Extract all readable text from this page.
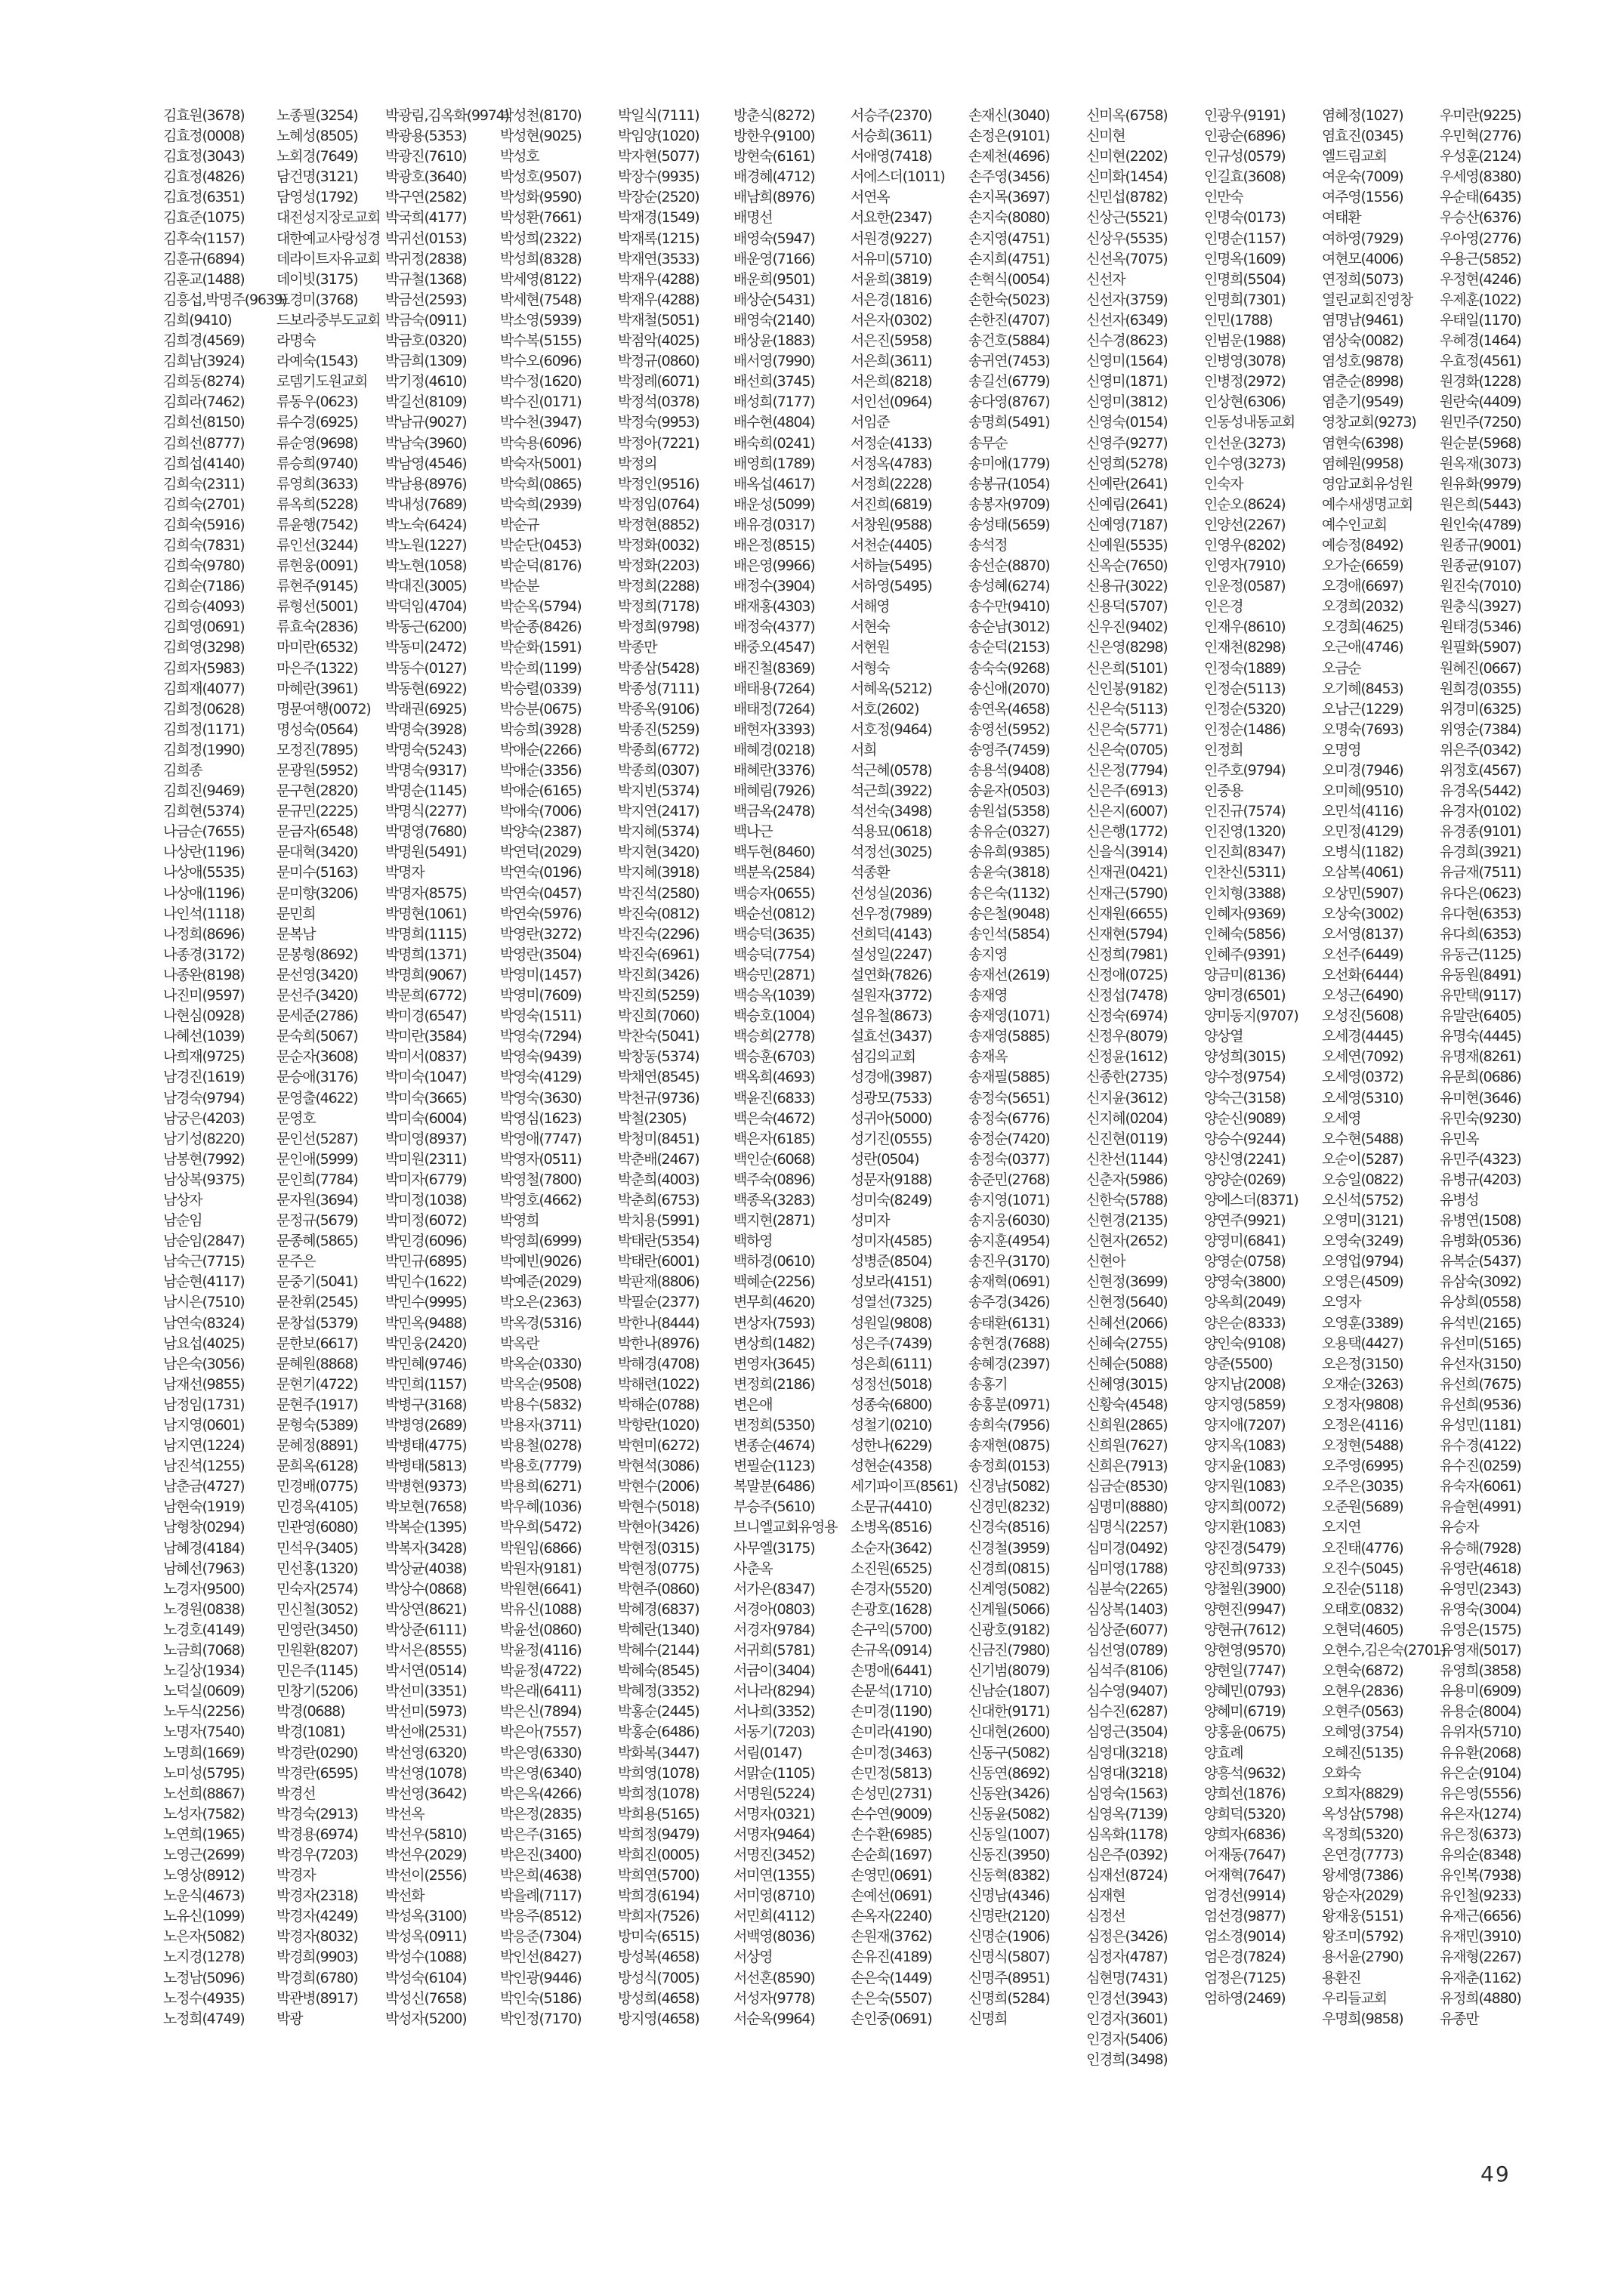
김효원(3678)
김효정(0008)
김효정(3043)
김효정(4826)
김효정(6351)
김효준(1075)
김후숙(1157)
김훈규(6894)
김훈교(1488)
김흥섭,박명주(9639)
김희(9410)
김희경(4569)
김희남(3924)
김희동(8274)
김희라(7462)
김희선(8150)
김희선(8777)
김희섭(4140)
김희숙(2311)
김희숙(2701)
김희숙(5916)
김희숙(7831)
김희숙(9780)
김희순(7186)
김희승(4093)
김희영(0691)
김희영(3298)
김희자(5983)
김희재(4077)
김희정(0628)
김희정(1171)
김희정(1990)
김희종
김희진(9469)
김희현(5374)
나금순(7655)
나상란(1196)
나상애(5535)
나상애(1196)
나인석(1118)
나정희(8696)
나종경(3172)
나종완(8198)
나진미(9597)
나현심(0928)
나혜선(1039)
나희재(9725)
남경진(1619)
남경숙(9794)
남궁은(4203)
남기성(8220)
남봉현(7992)
남상복(9375)
남상자
남순임
남순임(2847)
남숙근(7715)
남순현(4117)
남시은(7510)
남연숙(8324)
남요섭(4025)
남은숙(3056)
남재선(9855)
남정임(1731)
남지영(0601)
남지연(1224)
남진석(1255)
남춘금(4727)
남현숙(1919)
남형창(0294)
남혜경(4184)
남혜선(7963)
노경자(9500)
노경원(0838)
노경호(4149)
노금희(7068)
노길상(1934)
노덕실(0609)
노두식(2256)
노명자(7540)
노명희(1669)
노미성(5795)
노선희(8867)
노성자(7582)
노연희(1965)
노영근(2699)
노영상(8912)
노운식(4673)
노유신(1099)
노은자(5082)
노지경(1278)
노정남(5096)
노정수(4935)
노정희(4749)
노종필(3254)
노혜성(8505)
노회경(7649)
담건명(3121)
담영성(1792)
대전성지장로교회
대한예교사랑성경
데라이트자유교회
데이빗(3175)
도경미(3768)
드보라중부도교회
라명숙
라예숙(1543)
로뎀기도원교회
류동우(0623)
류수경(6925)
류순영(9698)
류승희(9740)
류영희(3633)
류옥희(5228)
류윤행(7542)
류인선(3244)
류현웅(0091)
류현주(9145)
류형선(5001)
류효숙(2836)
마미란(6532)
마은주(1322)
마혜란(3961)
명문여행(0072)
명성숙(0564)
모정진(7895)
문광원(5952)
문구현(2820)
문규민(2225)
문금자(6548)
문대혁(3420)
문미수(5163)
문미향(3206)
문민희
문복남
문봉형(8692)
문선영(3420)
문선주(3420)
문세준(2786)
문숙희(5067)
문순자(3608)
문승애(3176)
문영출(4622)
문영호
문인선(5287)
문인애(5999)
문인희(7784)
문자원(3694)
문정규(5679)
문종혜(5865)
문주은
문중기(5041)
문찬휘(2545)
문창섭(5379)
문한보(6617)
문혜원(8868)
문현기(4722)
문현주(1917)
문형숙(5389)
문혜정(8891)
문희옥(6128)
민경배(0775)
민경옥(4105)
민관영(6080)
민석우(3405)
민선홍(1320)
민숙자(2574)
민신철(3052)
민영란(3450)
민원환(8207)
민은주(1145)
민창기(5206)
박경(0688)
박경(1081)
박경란(0290)
박경란(6595)
박경선
박경숙(2913)
박경용(6974)
박경우(7203)
박경자
박경자(2318)
박경자(4249)
박경자(8032)
박경희(9903)
박경희(6780)
박관병(8917)
박광
박광림,김옥화(9974)
박광용(5353)
박광진(7610)
박광호(3640)
박구연(2582)
박국희(4177)
박귀선(0153)
박귀정(2838)
박규철(1368)
박금선(2593)
박금숙(0911)
박금호(0320)
박금희(1309)
박기정(4610)
박길선(8109)
박남규(9027)
박남숙(3960)
박남영(4546)
박남용(8976)
박내성(7689)
박노숙(6424)
박노원(1227)
박노현(1058)
박대진(3005)
박덕임(4704)
박동근(6200)
박동미(2472)
박동수(0127)
박동현(6922)
박래권(6925)
박명숙(3928)
박명숙(5243)
박명숙(9317)
박명순(1145)
박명식(2277)
박명영(7680)
박명원(5491)
박명자
박명자(8575)
박명현(1061)
박명희(1115)
박명희(1371)
박명희(9067)
박문희(6772)
박미경(6547)
박미란(3584)
박미서(0837)
박미숙(1047)
박미숙(3665)
박미숙(6004)
박미영(8937)
박미원(2311)
박미자(6779)
박미정(1038)
박미정(6072)
박민경(6096)
박민규(6895)
박민수(1622)
박민수(9995)
박민옥(9488)
박민웅(2420)
박민혜(9746)
박민희(1157)
박병구(3168)
박병영(2689)
박병태(4775)
박병태(5813)
박병현(9373)
박보현(7658)
박복순(1395)
박복자(3428)
박상균(4038)
박상수(0868)
박상연(8621)
박상준(6111)
박서은(8555)
박서연(0514)
박선미(3351)
박선미(5973)
박선애(2531)
박선영(6320)
박선영(1078)
박선영(3642)
박선옥
박선우(5810)
박선우(2029)
박선이(2556)
박선화
박성옥(3100)
박성옥(0911)
박성수(1088)
박성숙(6104)
박성신(7658)
박성자(5200)
박성천(8170)
박성현(9025)
박성호
박성호(9507)
박성화(9590)
박성환(7661)
박성희(2322)
박성희(8328)
박세영(8122)
박세현(7548)
박소영(5939)
박수복(5155)
박수오(6096)
박수정(1620)
박수진(0171)
박수천(3947)
박숙용(6096)
박숙자(5001)
박숙희(0865)
박숙희(2939)
박순규
박순단(0453)
박순덕(8176)
박순분
박순옥(5794)
박순종(8426)
박순화(1591)
박순희(1199)
박승렬(0339)
박승분(0675)
박승희(3928)
박애순(2266)
박애순(3356)
박애순(6165)
박애숙(7006)
박양숙(2387)
박연덕(2029)
박연숙(0196)
박연숙(0457)
박연숙(5976)
박영란(3272)
박영란(3504)
박영미(1457)
박영미(7609)
박영숙(1511)
박영숙(7294)
박영숙(9439)
박영숙(4129)
박영숙(3630)
박영심(1623)
박영애(7747)
박영자(0511)
박영철(7800)
박영호(4662)
박영희
박영희(6999)
박예빈(9026)
박예준(2029)
박오은(2363)
박옥경(5316)
박옥란
박옥순(0330)
박옥순(9508)
박용수(5832)
박용자(3711)
박용철(0278)
박용호(7779)
박용희(6271)
박우혜(1036)
박우희(5472)
박원임(6866)
박원자(9181)
박원현(6641)
박유신(1088)
박윤선(0860)
박윤정(4116)
박윤정(4722)
박은래(6411)
박은신(7894)
박은아(7557)
박은영(6330)
박은영(6340)
박은옥(4266)
박은정(2835)
박은주(3165)
박은진(3400)
박은희(4638)
박을례(7117)
박응주(8512)
박응준(7304)
박인선(8427)
박인광(9446)
박인숙(5186)
박인정(7170)
박일식(7111)
박임양(1020)
박자현(5077)
박장수(9935)
박장순(2520)
박재경(1549)
박재록(1215)
박재연(3533)
박재우(4288)
박재우(4288)
박재철(5051)
박점악(4025)
박정규(0860)
박정례(6071)
박정석(0378)
박정숙(9953)
박정아(7221)
박정의
박정인(9516)
박정임(0764)
박정현(8852)
박정화(0032)
박정화(2203)
박정희(2288)
박정희(7178)
박정희(9798)
박종만
박종삼(5428)
박종성(7111)
박종옥(9106)
박종진(5259)
박종희(6772)
박종희(0307)
박지빈(5374)
박지연(2417)
박지혜(5374)
박지현(3420)
박지혜(3918)
박진석(2580)
박진숙(0812)
박진숙(2296)
박진숙(6961)
박진희(3426)
박진희(5259)
박진희(7060)
박찬숙(5041)
박창동(5374)
박채연(8545)
박천규(9736)
박철(2305)
박청미(8451)
박춘배(2467)
박춘희(4003)
박춘희(6753)
박치용(5991)
박태란(5354)
박태란(6001)
박판재(8806)
박필순(2377)
박한나(8444)
박한나(8976)
박해경(4708)
박해련(1022)
박해순(0788)
박향란(1020)
박현미(6272)
박현석(3086)
박현수(2006)
박현수(5018)
박현아(3426)
박현정(0315)
박현정(0775)
박현주(0860)
박혜경(6837)
박혜란(1340)
박혜수(2144)
박혜숙(8545)
박혜정(3352)
박홍순(2445)
박홍순(6486)
박화복(3447)
박희영(1078)
박희정(1078)
박희용(5165)
박희정(9479)
박희진(0005)
박희연(5700)
박희경(6194)
박희자(7526)
방미숙(6515)
방성복(4658)
방성식(7005)
방성희(4658)
방지영(4658)
방춘식(8272)
방한우(9100)
방현숙(6161)
배경혜(4712)
배남희(8976)
배명선
배영숙(5947)
배운영(7166)
배운희(9501)
배상순(5431)
배영숙(2140)
배상윤(1883)
배서영(7990)
배선희(3745)
배성희(7177)
배수현(4804)
배숙희(0241)
배영희(1789)
배옥섭(4617)
배운성(5099)
배유경(0317)
배은정(8515)
배은영(9966)
배정수(3904)
배재홍(4303)
배정숙(4377)
배중오(4547)
배진철(8369)
배태용(7264)
배태정(7264)
배현자(3393)
배혜경(0218)
배혜란(3376)
배혜림(7926)
백금옥(2478)
백나근
백두현(8460)
백분옥(2584)
백승자(0655)
백순선(0812)
백승덕(3635)
백승덕(7754)
백승민(2871)
백승옥(1039)
백승호(1004)
백승희(2778)
백승훈(6703)
백옥희(4693)
백윤진(6833)
백은숙(4672)
백은자(6185)
백인순(6068)
백주숙(0896)
백종옥(3283)
백지현(2871)
백하영
백하경(0610)
백혜순(2256)
변무희(4620)
변상자(7593)
변상희(1482)
변영자(3645)
변정희(2186)
변은애
변정희(5350)
변종순(4674)
변필순(1123)
복말분(6486)
부승주(5610)
브니엘교회유영용
사무엘(3175)
사춘옥
서가은(8347)
서경아(0803)
서경자(9784)
서귀희(5781)
서금이(3404)
서나라(8294)
서나희(3352)
서동기(7203)
서림(0147)
서맑순(1105)
서명원(5224)
서명자(0321)
서명자(9464)
서명진(3452)
서미연(1355)
서미영(8710)
서민희(4112)
서백영(8036)
서상영
서선혼(8590)
서성자(9778)
서순옥(9964)
서승주(2370)
서승희(3611)
서애영(7418)
서에스더(1011)
서연옥
서요한(2347)
서원경(9227)
서유미(5710)
서윤희(3819)
서은경(1816)
서은자(0302)
서은진(5958)
서은희(3611)
서은희(8218)
서인선(0964)
서임준
서정순(4133)
서정옥(4783)
서정희(2228)
서진희(6819)
서창원(9588)
서천순(4405)
서하늘(5495)
서하영(5495)
서해영
서현숙
서현원
서형숙
서혜옥(5212)
서호(2602)
서호정(9464)
서희
석근혜(0578)
석근희(3922)
석선숙(3498)
석용묘(0618)
석정선(3025)
석종환
선성실(2036)
선우정(7989)
선희덕(4143)
설성일(2247)
설연화(7826)
설원자(3772)
설유철(8673)
설효선(3437)
섬김의교회
성경애(3987)
성광모(7533)
성귀아(5000)
성기진(0555)
성란(0504)
성문자(9188)
성미숙(8249)
성미자
성미자(4585)
성병준(8504)
성보라(4151)
성열선(7325)
성원일(9808)
성은주(7439)
성은희(6111)
성정선(5018)
성종숙(6800)
성철기(0210)
성한나(6229)
성현순(4358)
세기파이프(8561)
소문규(4410)
소병옥(8516)
소순자(3642)
소진원(6525)
손경자(5520)
손광호(1628)
손구익(5700)
손규옥(0914)
손명애(6441)
손문석(1710)
손미경(1190)
손미라(4190)
손미정(3463)
손민정(5813)
손성민(2731)
손수연(9009)
손수환(6985)
손순희(1697)
손영민(0691)
손예선(0691)
손옥자(2240)
손원재(3762)
손유진(4189)
손은숙(1449)
손은숙(5507)
손인중(0691)
손재신(3040)
손정은(9101)
손제천(4696)
손주영(3456)
손지목(3697)
손지숙(8080)
손지영(4751)
손지희(4751)
손혁식(0054)
손한숙(5023)
손한진(4707)
송건호(5884)
송귀연(7453)
송길선(6779)
송다영(8767)
송명희(5491)
송무순
송미애(1779)
송봉규(1054)
송봉자(9709)
송성태(5659)
송석정
송선순(8870)
송성혜(6274)
송수만(9410)
송순남(3012)
송순덕(2153)
송숙숙(9268)
송신애(2070)
송연옥(4658)
송영선(5952)
송영주(7459)
송용석(9408)
송윤자(0503)
송원섭(5358)
송유순(0327)
송유희(9385)
송윤숙(3818)
송은숙(1132)
송은철(9048)
송인석(5854)
송지영
송재선(2619)
송재영
송재영(1071)
송재영(5885)
송재옥
송재필(5885)
송정숙(5651)
송정숙(6776)
송정순(7420)
송정숙(0377)
송준민(2768)
송지영(1071)
송지웅(6030)
송지훈(4954)
송진우(3170)
송재혁(0691)
송주경(3426)
송태환(6131)
송현경(7688)
송혜경(2397)
송홍기
송홍분(0971)
송희숙(7956)
송재현(0875)
송정희(0153)
신경남(5082)
신경민(8232)
신경숙(8516)
신경철(3959)
신경희(0815)
신계영(5082)
신계월(5066)
신광호(9182)
신금진(7980)
신기범(8079)
신남순(1807)
신대한(9171)
신대현(2600)
신동구(5082)
신동연(8692)
신동완(3426)
신동윤(5082)
신동일(1007)
신동진(3950)
신동혁(8382)
신명남(4346)
신명란(2120)
신명순(1906)
신명식(5807)
신명주(8951)
신명희(5284)
신명희
신미옥(6758)
신미현
신미현(2202)
신미화(1454)
신민섭(8782)
신상근(5521)
신상우(5535)
신선옥(7075)
신선자
신선자(3759)
신선자(6349)
신수경(8623)
신영미(1564)
신영미(1871)
신영미(3812)
신영숙(0154)
신영주(9277)
신영희(5278)
신예란(2641)
신예림(2641)
신예영(7187)
신예원(5535)
신옥순(7650)
신용규(3022)
신용덕(5707)
신우진(9402)
신은영(8298)
신은희(5101)
신인봉(9182)
신은숙(5113)
신은숙(5771)
신은숙(0705)
신은정(7794)
신은주(6913)
신은지(6007)
신은행(1772)
신을식(3914)
신재권(0421)
신재근(5790)
신재원(6655)
신재현(5794)
신정희(7981)
신정애(0725)
신정섭(7478)
신정숙(6974)
신정우(8079)
신정윤(1612)
신종한(2735)
신지윤(3612)
신지혜(0204)
신진현(0119)
신찬선(1144)
신춘자(5986)
신한숙(5788)
신현경(2135)
신현자(2652)
신현아
신현정(3699)
신현정(5640)
신혜선(2066)
신혜숙(2755)
신혜순(5088)
신혜영(3015)
신황숙(4548)
신희원(2865)
신희원(7627)
신희은(7913)
심금순(8530)
심명미(8880)
심명식(2257)
심미경(0492)
심미영(1788)
심분숙(2265)
심상복(1403)
심상준(6077)
심선영(0789)
심석주(8106)
심수영(9407)
심수진(6287)
심영근(3504)
심영대(3218)
심영대(3218)
심영숙(1563)
심영옥(7139)
심옥화(1178)
심은주(0392)
심재선(8724)
심재현
심정선
심정은(3426)
심정자(4787)
심현명(7431)
인경선(3943)
인경자(3601)
인경자(5406)
인경희(3498)
인광우(9191)
인광순(6896)
인규성(0579)
인길효(3608)
인만숙
인명숙(0173)
인명순(1157)
인명옥(1609)
인명희(5504)
인명희(7301)
인민(1788)
인범운(1988)
인병영(3078)
인병정(2972)
인상현(6306)
인동성내동교회
인선운(3273)
인수영(3273)
인숙자
인순오(8624)
인양선(2267)
인영우(8202)
인영자(7910)
인운정(0587)
인은경
인재우(8610)
인재천(8298)
인정숙(1889)
인정순(5113)
인정순(5320)
인정순(1486)
인정희
인주호(9794)
인중용
인진규(7574)
인진영(1320)
인진희(8347)
인찬신(5311)
인치형(3388)
인혜자(9369)
인혜숙(5856)
인혜주(9391)
양금미(8136)
양미경(6501)
양미동지(9707)
양상열
양성희(3015)
양수정(9754)
양숙근(3158)
양순신(9089)
양승수(9244)
양신영(2241)
양양순(0269)
양에스더(8371)
양연주(9921)
양영미(6841)
양영순(0758)
양영숙(3800)
양옥희(2049)
양은순(8333)
양인숙(9108)
양준(5500)
양지남(2008)
양지영(5859)
양지애(7207)
양지옥(1083)
양지윤(1083)
양지원(1083)
양지희(0072)
양지환(1083)
양진경(5479)
양진희(9733)
양철원(3900)
양현진(9947)
양현규(7612)
양현영(9570)
양현일(7747)
양혜민(0793)
양혜미(6719)
양홍윤(0675)
양효례
양흥석(9632)
양희선(1876)
양희덕(5320)
양희자(6836)
어재동(7647)
어재혁(7647)
엄경선(9914)
엄선경(9877)
엄소경(9014)
엄은경(7824)
엄정은(7125)
엄하영(2469)
염혜정(1027)
염효진(0345)
엘드림교회
여운숙(7009)
여주영(1556)
여태환
여하영(7929)
여현모(4006)
연정희(5073)
열린교회진영창
염명남(9461)
염상숙(0082)
염성호(9878)
염춘순(8998)
염춘기(9549)
영창교회(9273)
염현숙(6398)
염혜원(9958)
영암교회유성원
예수새생명교회
예수인교회
예승정(8492)
오가순(6659)
오경애(6697)
오경희(2032)
오경희(4625)
오근애(4746)
오금순
오기혜(8453)
오남근(1229)
오명숙(7693)
오명영
오미경(7946)
오미혜(9510)
오민석(4116)
오민정(4129)
오병식(1182)
오삼복(4061)
오상민(5907)
오상숙(3002)
오서영(8137)
오선주(6449)
오선화(6444)
오성근(6490)
오성진(5608)
오세경(4445)
오세연(7092)
오세영(0372)
오세영(5310)
오세영
오수현(5488)
오순이(5287)
오승일(0822)
오신석(5752)
오영미(3121)
오영숙(3249)
오영업(9794)
오영은(4509)
오영자
오영훈(3389)
오용택(4427)
오은정(3150)
오재순(3263)
오정자(9808)
오정은(4116)
오정현(5488)
오주영(6995)
오주은(3035)
오준원(5689)
오지연
오진태(4776)
오진수(5045)
오진순(5118)
오태호(0832)
오현덕(4605)
오현수,김은숙(2701)
오현숙(6872)
오현우(2836)
오현주(0563)
오혜영(3754)
오혜진(5135)
오화숙
오희자(8829)
옥성삼(5798)
옥정희(5320)
온연경(7773)
왕세영(7386)
왕순자(2029)
왕재웅(5151)
왕조미(5792)
용서윤(2790)
용환진
우리들교회
우명희(9858)
우미란(9225)
우민혁(2776)
우성훈(2124)
우세영(8380)
우순태(6435)
우승산(6376)
우아영(2776)
우용근(5852)
우정현(4246)
우제훈(1022)
우태일(1170)
우혜경(1464)
우효정(4561)
원경화(1228)
원란숙(4409)
원민주(7250)
원순분(5968)
원옥재(3073)
원유화(9979)
원은희(5443)
원인숙(4789)
원종규(9001)
원종균(9107)
원진숙(7010)
원충식(3927)
원태경(5346)
원필화(5907)
원혜진(0667)
원희경(0355)
위경미(6325)
위영순(7384)
위은주(0342)
위정호(4567)
유경옥(5442)
유경자(0102)
유경종(9101)
유경희(3921)
유금재(7511)
유다은(0623)
유다현(6353)
유다희(6353)
유동근(1125)
유동원(8491)
유만택(9117)
유말란(6405)
유명숙(4445)
유명재(8261)
유문희(0686)
유미현(3646)
유민숙(9230)
유민옥
유민주(4323)
유병규(4203)
유병성
유병연(1508)
유병화(0536)
유복순(5437)
유삼숙(3092)
유상희(0558)
유석빈(2165)
유선미(5165)
유선자(3150)
유선희(7675)
유선희(9536)
유성민(1181)
유수경(4122)
유수진(0259)
유숙자(6061)
유슬현(4991)
유승자
유승해(7928)
유영란(4618)
유영민(2343)
유영숙(3004)
유영은(1575)
유영재(5017)
유영희(3858)
유용미(6909)
유용순(8004)
유위자(5710)
유유환(2068)
유은순(9104)
유은영(5556)
유은자(1274)
유은정(6373)
유의순(8348)
유인복(7938)
유인철(9233)
유재근(6656)
유재민(3910)
유재형(2267)
유재춘(1162)
유정희(4880)
유종만
49
